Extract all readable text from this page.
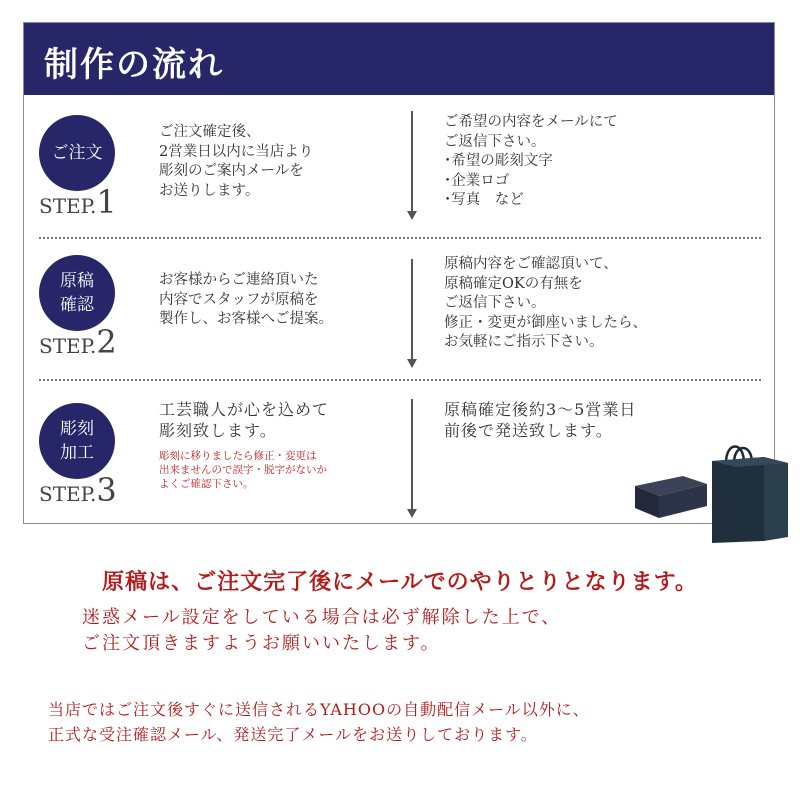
制作の流れ
ご注文
STEP.1
ご注文確定後、
2営業日以内に当店より
彫刻のご案内メールを
お送りします。
ご希望の内容をメールにて
ご返信下さい。
･希望の彫刻文字
･企業ロゴ
･写真　など
原稿
確認
STEP.2
お客様からご連絡頂いた
内容でスタッフが原稿を
製作し、お客様へご提案。
原稿内容をご確認頂いて、
原稿確定OKの有無を
ご返信下さい。
修正・変更が御座いましたら、
お気軽にご指示下さい。
彫刻
加工
STEP.3
工芸職人が心を込めて
彫刻致します。
彫刻に移りましたら修正・変更は
出来ませんので誤字・脱字がないか
よくご確認下さい。
原稿確定後約3～5営業日
前後で発送致します。
原稿は、ご注文完了後にメールでのやりとりとなります。
迷惑メール設定をしている場合は必ず解除した上で、
ご注文頂きますようお願いいたします。
当店ではご注文後すぐに送信されるYAHOOの自動配信メール以外に、
正式な受注確認メール、発送完了メールをお送りしております。
